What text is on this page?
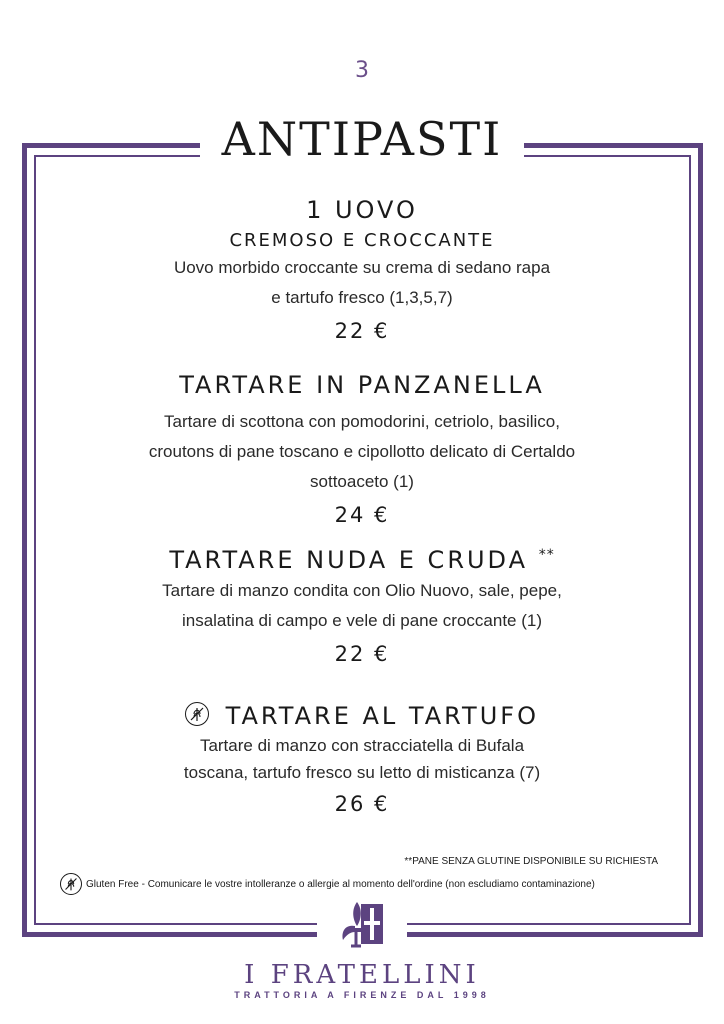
3
ANTIPASTI
1 UOVO
CREMOSO E CROCCANTE
Uovo morbido croccante su crema di sedano rapa
e tartufo fresco (1,3,5,7)
22 €
TARTARE IN PANZANELLA
Tartare di scottona con pomodorini, cetriolo, basilico,
croutons di pane toscano e cipollotto delicato di Certaldo
sottoaceto (1)
24 €
TARTARE NUDA E CRUDA **
Tartare di manzo condita con Olio Nuovo, sale, pepe,
insalatina di campo e vele di pane croccante (1)
22 €
TARTARE AL TARTUFO
Tartare di manzo con stracciatella di Bufala
toscana, tartufo fresco su letto di misticanza (7)
26 €
**PANE SENZA GLUTINE DISPONIBILE SU RICHIESTA
Gluten Free - Comunicare le vostre intolleranze o allergie al momento dell'ordine (non escludiamo contaminazione)
I FRATELLINI
TRATTORIA A FIRENZE DAL 1998
